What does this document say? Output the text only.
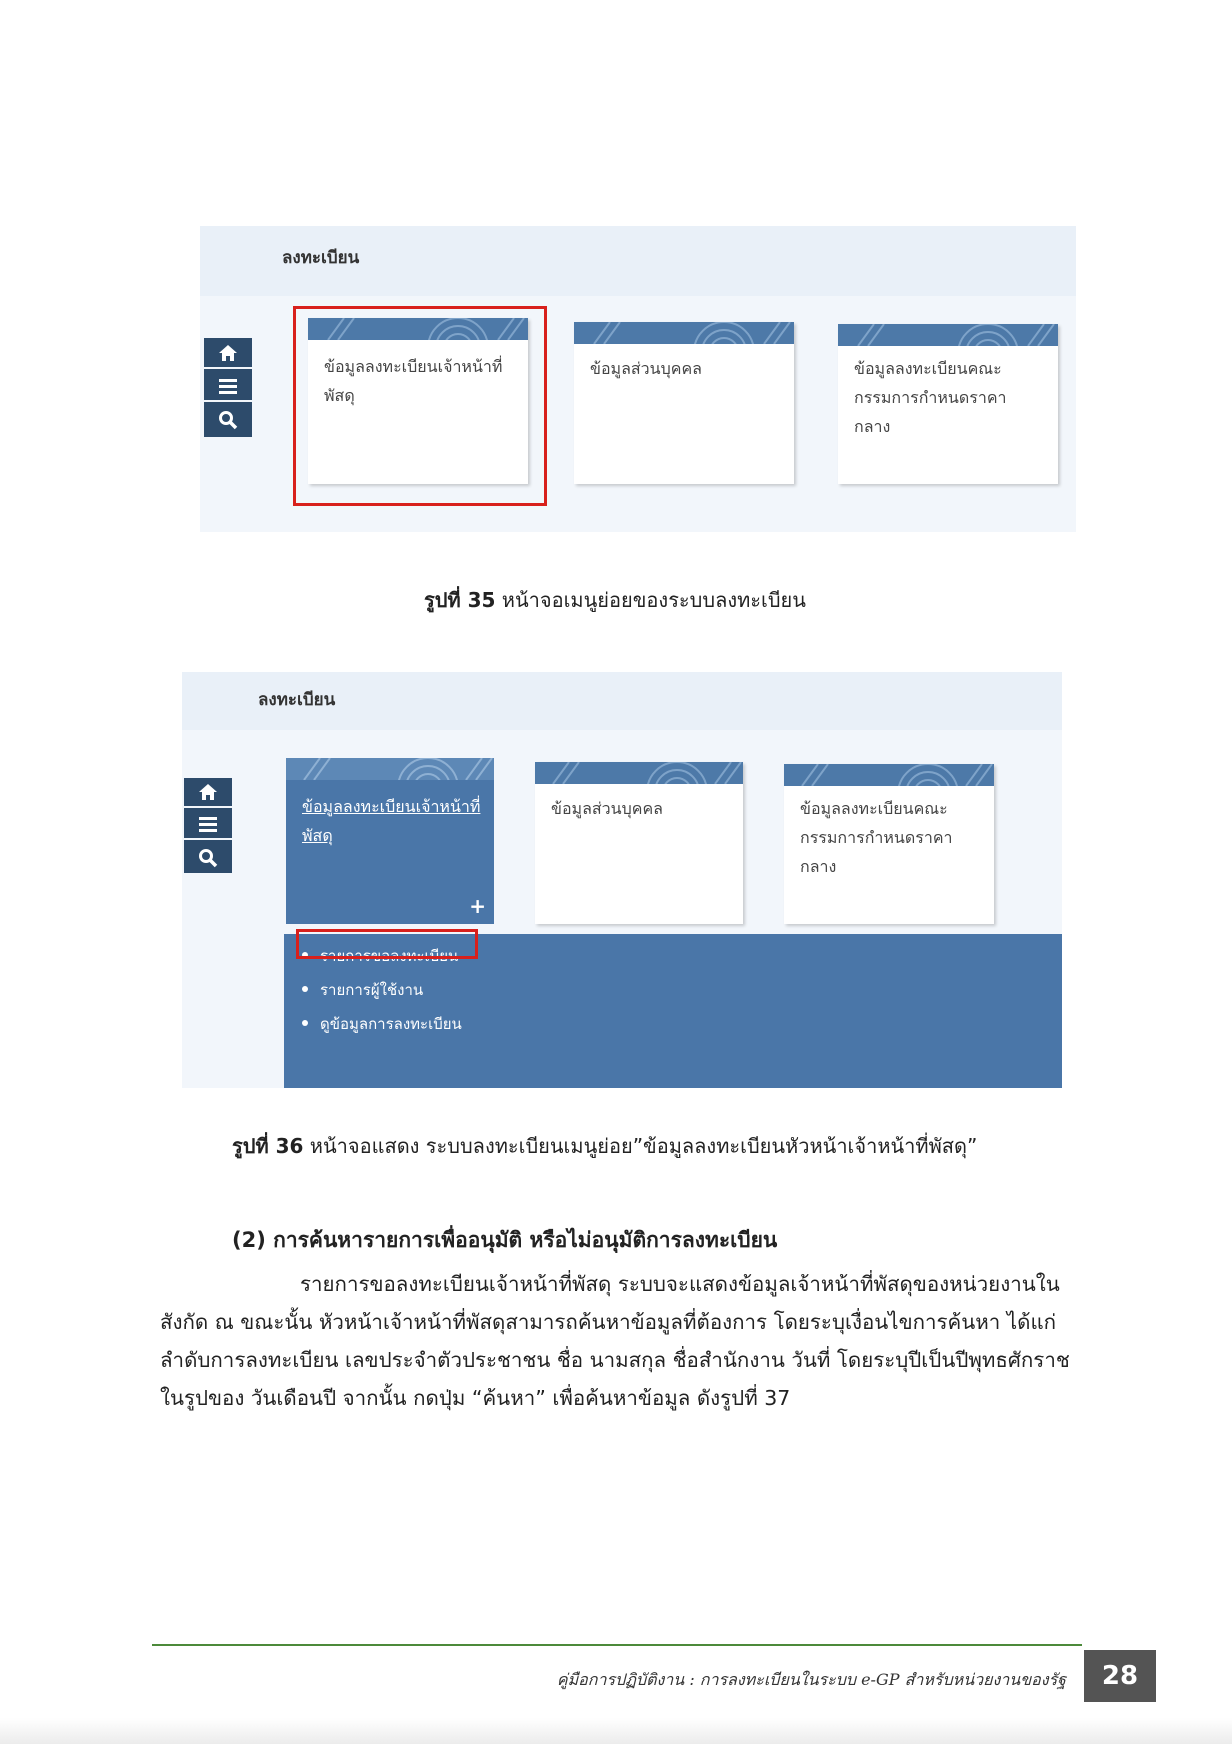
ลงทะเบียน
ข้อมูลลงทะเบียนเจ้าหน้าที่
พัสดุ
ข้อมูลส่วนบุคคล	ข้อมูลลงทะเบียนคณะ
กรรมการกำหนดราคา
กลาง
รูปที่ 35 หน้าจอเมนูย่อยของระบบลงทะเบียน
ลงทะเบียน
ข้อมูลลงทะเบียนเจ้าหน้าที่
พัสดุ
+
ข้อมูลส่วนบุคคล	ข้อมูลลงทะเบียนคณะ
กรรมการกำหนดราคา
กลาง
รายการขอลงทะเบียน
รายการผู้ใช้งาน
ดูข้อมูลการลงทะเบียน
รูปที่ 36 หน้าจอแสดง ระบบลงทะเบียนเมนูย่อย”ข้อมูลลงทะเบียนหัวหน้าเจ้าหน้าที่พัสดุ”
(2) การค้นหารายการเพื่ออนุมัติ หรือไม่อนุมัติการลงทะเบียน
รายการขอลงทะเบียนเจ้าหน้าที่พัสดุ ระบบจะแสดงข้อมูลเจ้าหน้าที่พัสดุของหน่วยงานใน
สังกัด ณ ขณะนั้น หัวหน้าเจ้าหน้าที่พัสดุสามารถค้นหาข้อมูลที่ต้องการ โดยระบุเงื่อนไขการค้นหา ได้แก่
ลำดับการลงทะเบียน เลขประจำตัวประชาชน ชื่อ นามสกุล ชื่อสำนักงาน วันที่ โดยระบุปีเป็นปีพุทธศักราช
ในรูปของ วันเดือนปี จากนั้น กดปุ่ม “ค้นหา” เพื่อค้นหาข้อมูล ดังรูปที่ 37
คู่มือการปฏิบัติงาน : การลงทะเบียนในระบบ e-GP สำหรับหน่วยงานของรัฐ	28
